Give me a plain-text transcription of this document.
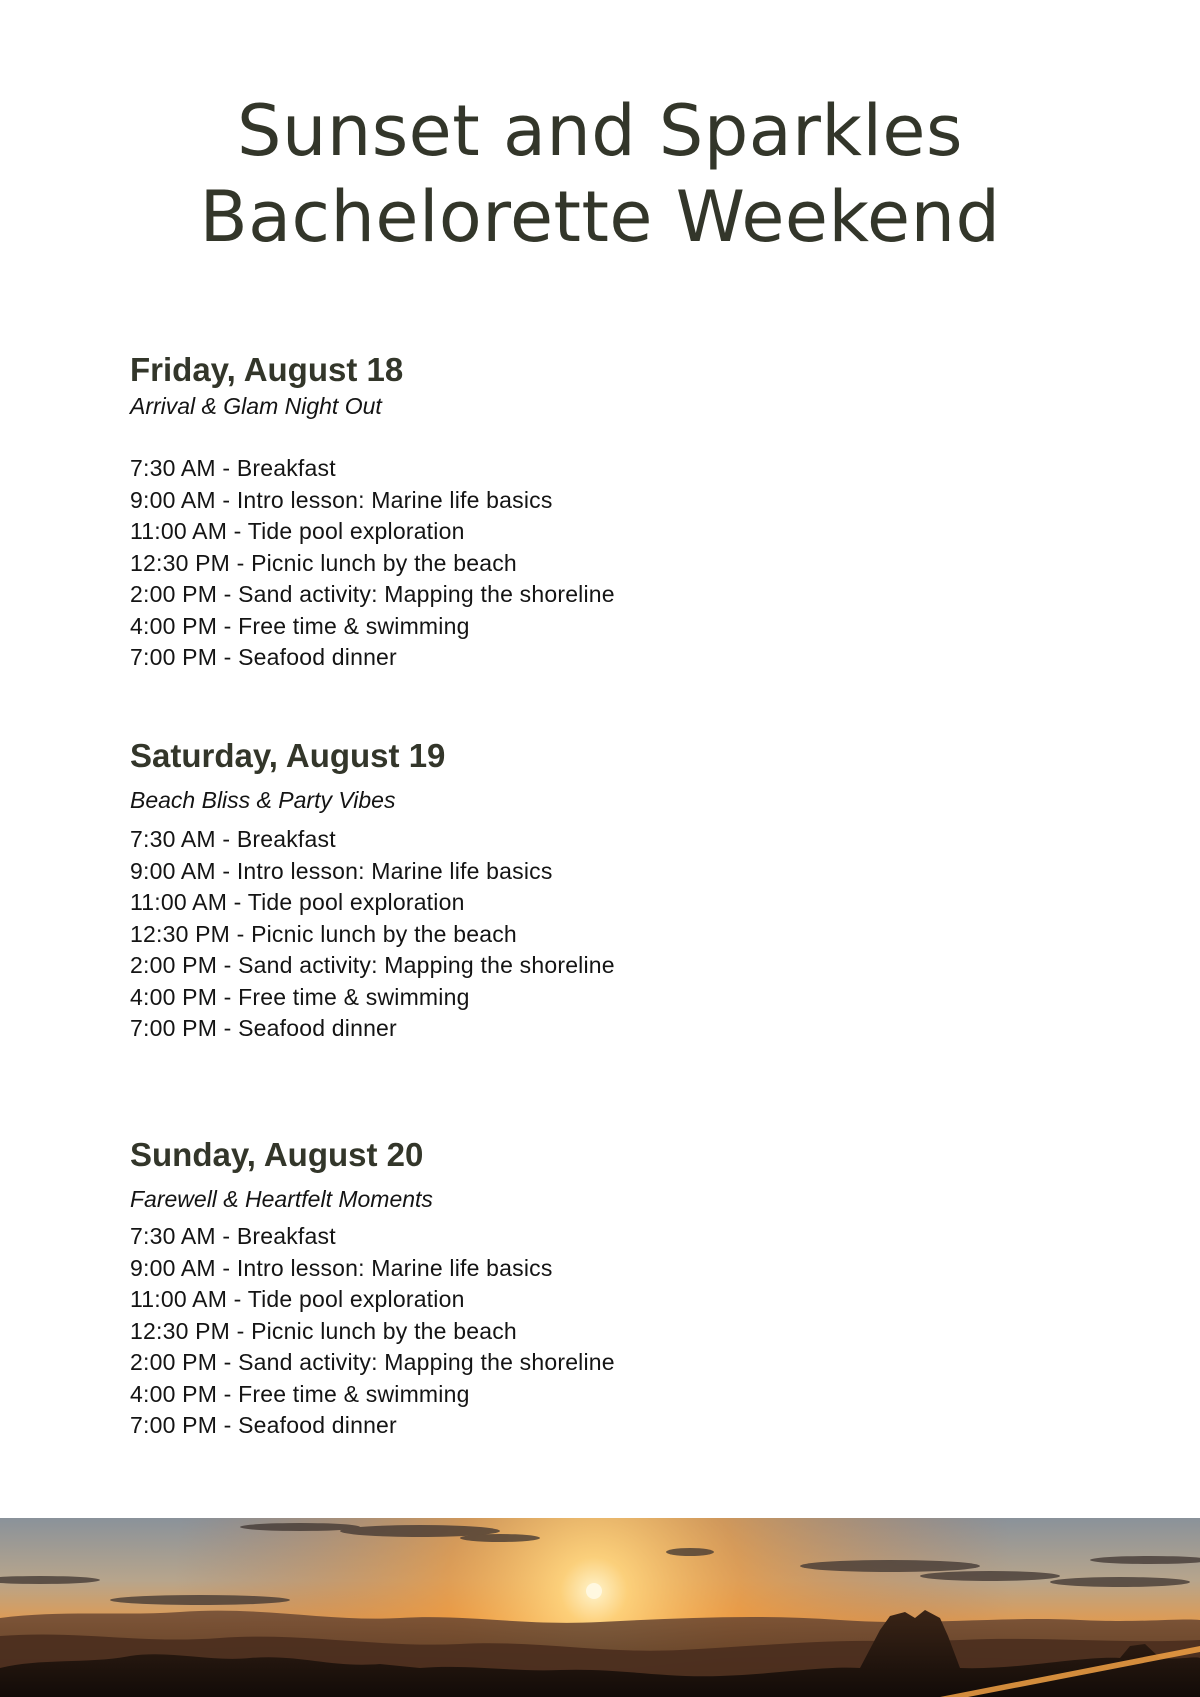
Sunset and Sparkles
Bachelorette Weekend
Friday, August 18

Arrival & Glam Night Out

7:30 AM - Breakfast
9:00 AM - Intro lesson: Marine life basics
11:00 AM - Tide pool exploration
12:30 PM - Picnic lunch by the beach
2:00 PM - Sand activity: Mapping the shoreline
4:00 PM - Free time & swimming
7:00 PM - Seafood dinner
Saturday, August 19

Beach Bliss & Party Vibes

7:30 AM - Breakfast
9:00 AM - Intro lesson: Marine life basics
11:00 AM - Tide pool exploration
12:30 PM - Picnic lunch by the beach
2:00 PM - Sand activity: Mapping the shoreline
4:00 PM - Free time & swimming
7:00 PM - Seafood dinner
Sunday, August 20

Farewell & Heartfelt Moments

7:30 AM - Breakfast
9:00 AM - Intro lesson: Marine life basics
11:00 AM - Tide pool exploration
12:30 PM - Picnic lunch by the beach
2:00 PM - Sand activity: Mapping the shoreline
4:00 PM - Free time & swimming
7:00 PM - Seafood dinner
